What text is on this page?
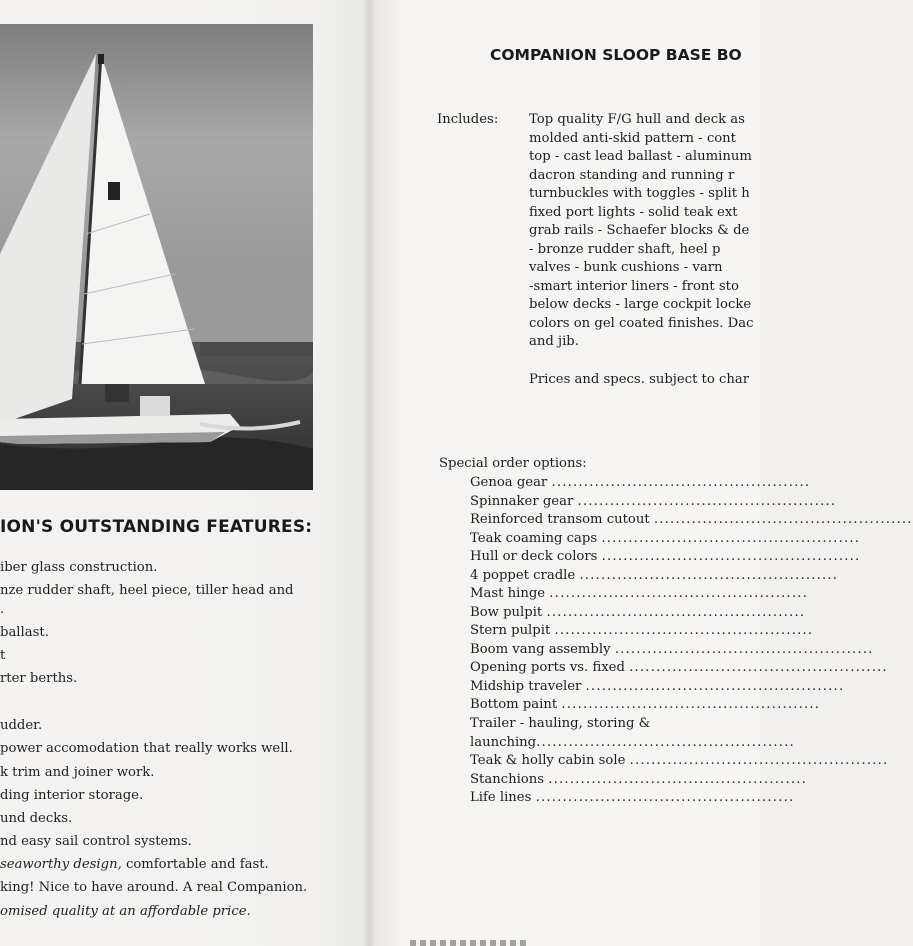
ION'S OUTSTANDING FEATURES:
iber glass construction.
nze rudder shaft, heel piece, tiller head and
.
ballast.
t
rter berths.
udder.
power accomodation that really works well.
k trim and joiner work.
ding interior storage.
und decks.
nd easy sail control systems.
seaworthy design, comfortable and fast.
king! Nice to have around. A real Companion.
omised quality at an affordable price.
COMPANION SLOOP BASE BO
Includes: Top quality F/G hull and deck as
molded anti-skid pattern - cont
top - cast lead ballast - aluminum
dacron standing and running r
turnbuckles with toggles - split h
fixed port lights - solid teak ext
grab rails - Schaefer blocks & de
- bronze rudder shaft, heel p
valves - bunk cushions - varn
-smart interior liners - front sto
below decks - large cockpit locke
colors on gel coated finishes. Dac
and jib.
Prices and specs. subject to char
Special order options:
Genoa gear ................................................
Spinnaker gear ................................................
Reinforced transom cutout ................................................
Teak coaming caps ................................................
Hull or deck colors ................................................
4 poppet cradle ................................................
Mast hinge ................................................
Bow pulpit ................................................
Stern pulpit ................................................
Boom vang assembly ................................................
Opening ports vs. fixed ................................................
Midship traveler ................................................
Bottom paint ................................................
Trailer - hauling, storing &
launching................................................
Teak & holly cabin sole ................................................
Stanchions ................................................
Life lines ................................................
